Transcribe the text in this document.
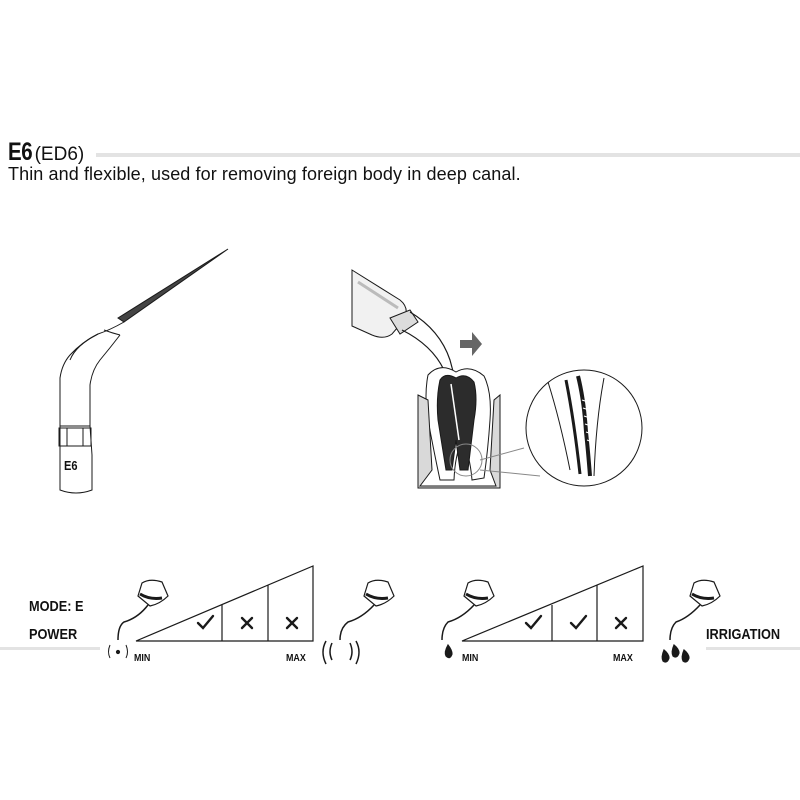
E6 (ED6)
Thin and flexible, used for removing foreign body in deep canal.
E6
MODE: E
POWER
MIN	MAX	MIN	MAX
IRRIGATION
